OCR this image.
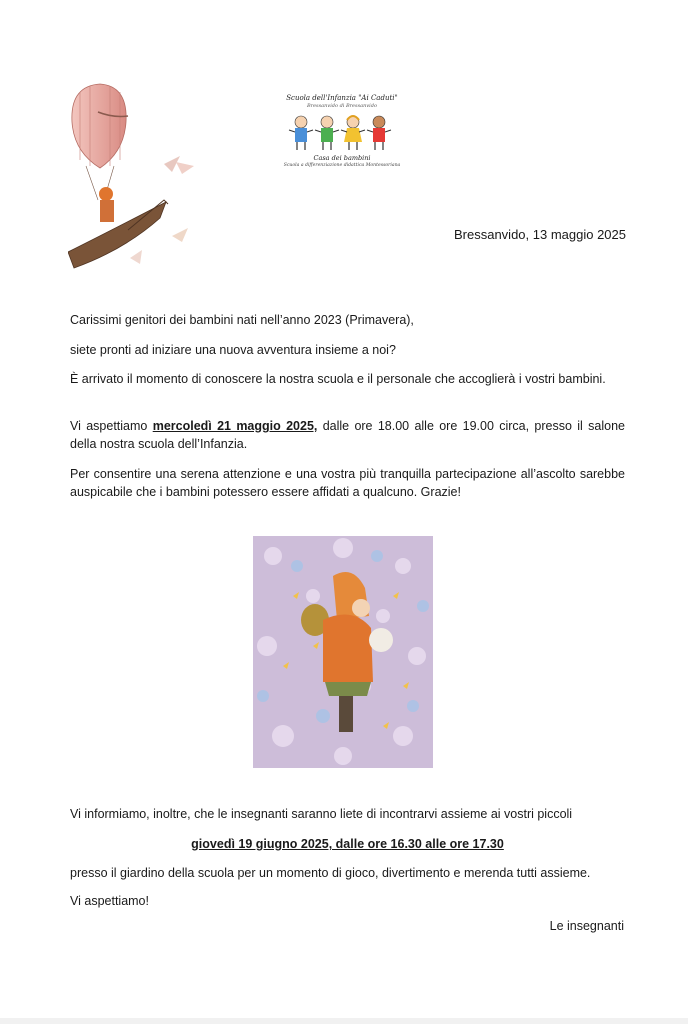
Scuola dell'Infanzia "Ai Caduti"
Bressanvido di Bressanvido
Casa dei bambini
Scuola a differenziazione didattica Montessoriana
Bressanvido, 13 maggio 2025
Carissimi genitori dei bambini nati nell’anno 2023 (Primavera),
siete pronti ad iniziare una nuova avventura insieme a noi?
È arrivato il momento di conoscere la nostra scuola e il personale che accoglierà i vostri bambini.
Vi aspettiamo mercoledì 21 maggio 2025, dalle ore 18.00 alle ore 19.00 circa, presso il salone della nostra scuola dell’Infanzia.
Per consentire una serena attenzione e una vostra più tranquilla partecipazione all’ascolto sarebbe auspicabile che i bambini potessero essere affidati a qualcuno. Grazie!
Vi informiamo, inoltre, che le insegnanti saranno liete di incontrarvi assieme ai vostri piccoli
giovedì 19 giugno 2025, dalle ore 16.30 alle ore 17.30
presso il giardino della scuola per un momento di gioco, divertimento e merenda tutti assieme.
Vi aspettiamo!
Le insegnanti
